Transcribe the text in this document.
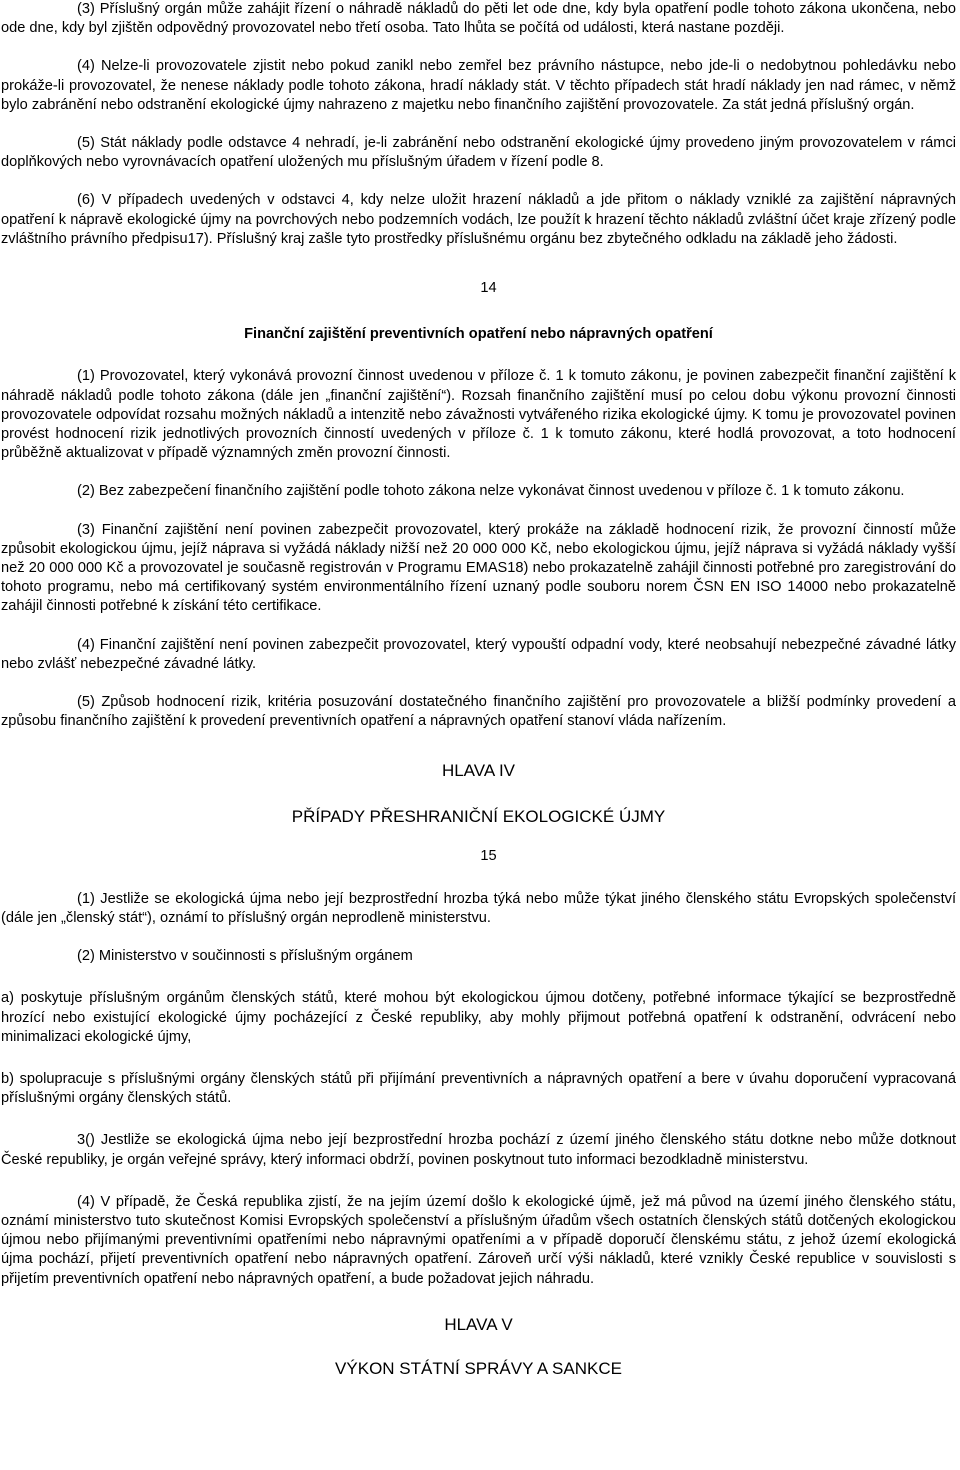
(3) Příslušný orgán může zahájit řízení o náhradě nákladů do pěti let ode dne, kdy byla opatření podle tohoto zákona ukončena, nebo ode dne, kdy byl zjištěn odpovědný provozovatel nebo třetí osoba. Tato lhůta se počítá od události, která nastane později.

(4) Nelze-li provozovatele zjistit nebo pokud zanikl nebo zemřel bez právního nástupce, nebo jde-li o nedobytnou pohledávku nebo prokáže-li provozovatel, že nenese náklady podle tohoto zákona, hradí náklady stát. V těchto případech stát hradí náklady jen nad rámec, v němž bylo zabránění nebo odstranění ekologické újmy nahrazeno z majetku nebo finančního zajištění provozovatele. Za stát jedná příslušný orgán.

(5) Stát náklady podle odstavce 4 nehradí, je-li zabránění nebo odstranění ekologické újmy provedeno jiným provozovatelem v rámci doplňkových nebo vyrovnávacích opatření uložených mu příslušným úřadem v řízení podle 8.

(6) V případech uvedených v odstavci 4, kdy nelze uložit hrazení nákladů a jde přitom o náklady vzniklé za zajištění nápravných opatření k nápravě ekologické újmy na povrchových nebo podzemních vodách, lze použít k hrazení těchto nákladů zvláštní účet kraje zřízený podle zvláštního právního předpisu17). Příslušný kraj zašle tyto prostředky příslušnému orgánu bez zbytečného odkladu na základě jeho žádosti.

14
Finanční zajištění preventivních opatření nebo nápravných opatření

(1) Provozovatel, který vykonává provozní činnost uvedenou v příloze č. 1 k tomuto zákonu, je povinen zabezpečit finanční zajištění k náhradě nákladů podle tohoto zákona (dále jen „finanční zajištění“). Rozsah finančního zajištění musí po celou dobu výkonu provozní činnosti provozovatele odpovídat rozsahu možných nákladů a intenzitě nebo závažnosti vytvářeného rizika ekologické újmy. K tomu je provozovatel povinen provést hodnocení rizik jednotlivých provozních činností uvedených v příloze č. 1 k tomuto zákonu, které hodlá provozovat, a toto hodnocení průběžně aktualizovat v případě významných změn provozní činnosti.

(2) Bez zabezpečení finančního zajištění podle tohoto zákona nelze vykonávat činnost uvedenou v příloze č. 1 k tomuto zákonu.

(3) Finanční zajištění není povinen zabezpečit provozovatel, který prokáže na základě hodnocení rizik, že provozní činností může způsobit ekologickou újmu, jejíž náprava si vyžádá náklady nižší než 20 000 000 Kč, nebo ekologickou újmu, jejíž náprava si vyžádá náklady vyšší než 20 000 000 Kč a provozovatel je současně registrován v Programu EMAS18) nebo prokazatelně zahájil činnosti potřebné pro zaregistrování do tohoto programu, nebo má certifikovaný systém environmentálního řízení uznaný podle souboru norem ČSN EN ISO 14000 nebo prokazatelně zahájil činnosti potřebné k získání této certifikace.

(4) Finanční zajištění není povinen zabezpečit provozovatel, který vypouští odpadní vody, které neobsahují nebezpečné závadné látky nebo zvlášť nebezpečné závadné látky.

(5) Způsob hodnocení rizik, kritéria posuzování dostatečného finančního zajištění pro provozovatele a bližší podmínky provedení a způsobu finančního zajištění k provedení preventivních opatření a nápravných opatření stanoví vláda nařízením.

HLAVA IV
PŘÍPADY PŘESHRANIČNÍ EKOLOGICKÉ ÚJMY
15

(1) Jestliže se ekologická újma nebo její bezprostřední hrozba týká nebo může týkat jiného členského státu Evropských společenství (dále jen „členský stát“), oznámí to příslušný orgán neprodleně ministerstvu.

(2) Ministerstvo v součinnosti s příslušným orgánem

a) poskytuje příslušným orgánům členských států, které mohou být ekologickou újmou dotčeny, potřebné informace týkající se bezprostředně hrozící nebo existující ekologické újmy pocházející z České republiky, aby mohly přijmout potřebná opatření k odstranění, odvrácení nebo minimalizaci ekologické újmy,

b) spolupracuje s příslušnými orgány členských států při přijímání preventivních a nápravných opatření a bere v úvahu doporučení vypracovaná příslušnými orgány členských států.

3() Jestliže se ekologická újma nebo její bezprostřední hrozba pochází z území jiného členského státu dotkne nebo může dotknout České republiky, je orgán veřejné správy, který informaci obdrží, povinen poskytnout tuto informaci bezodkladně ministerstvu.

(4) V případě, že Česká republika zjistí, že na jejím území došlo k ekologické újmě, jež má původ na území jiného členského státu, oznámí ministerstvo tuto skutečnost Komisi Evropských společenství a příslušným úřadům všech ostatních členských států dotčených ekologickou újmou nebo přijímanými preventivními opatřeními nebo nápravnými opatřeními a v případě doporučí členskému státu, z jehož území ekologická újma pochází, přijetí preventivních opatření nebo nápravných opatření. Zároveň určí výši nákladů, které vznikly České republice v souvislosti s přijetím preventivních opatření nebo nápravných opatření, a bude požadovat jejich náhradu.

HLAVA V
VÝKON STÁTNÍ SPRÁVY A SANKCE
